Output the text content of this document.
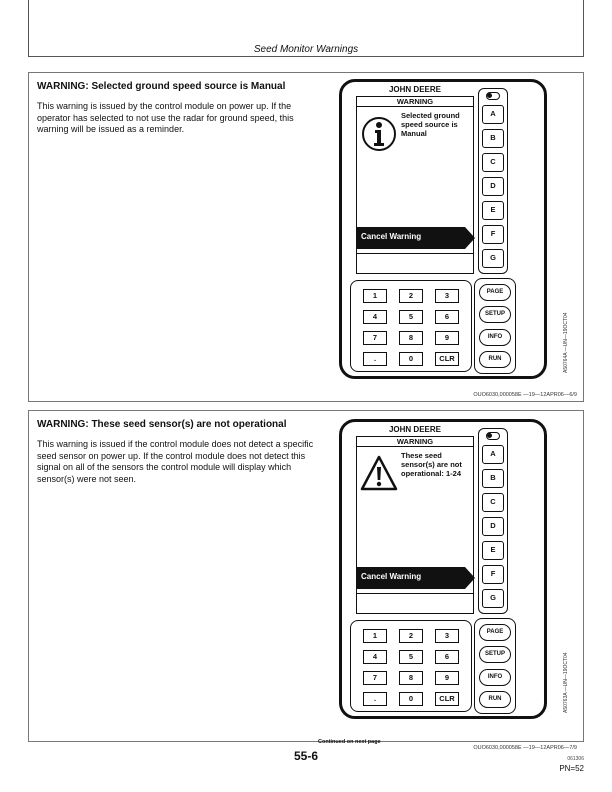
Seed Monitor Warnings
WARNING: Selected ground speed source is Manual
This warning is issued by the control module on power up. If the operator has selected to not use the radar for ground speed, this warning will be issued as a reminder.
JOHN DEERE
WARNING
Selected ground speed source is Manual
Cancel Warning
A
B
C
D
E
F
G
1	2	3
4	5	6
7	8	9
.	0	CLR
PAGE
SETUP
INFO
RUN	A50764A —UN—19OCT04
OUO6030,000058E —19—12APR06—6/9
WARNING: These seed sensor(s) are not operational
This warning is issued if the control module does not detect a specific seed sensor on power up. If the control module does not detect this signal on all of the sensors the control module will display which sensor(s) were not seen.
JOHN DEERE
WARNING
These seed sensor(s) are not operational: 1-24
Cancel Warning
A
B
C
D
E
F
G
1	2	3
4	5	6
7	8	9
.	0	CLR
PAGE
SETUP
INFO
RUN	A50763A —UN—19OCT04
OUO6030,000058E —19—12APR06—7/9
Continued on next page
55-6	061306
PN=52
